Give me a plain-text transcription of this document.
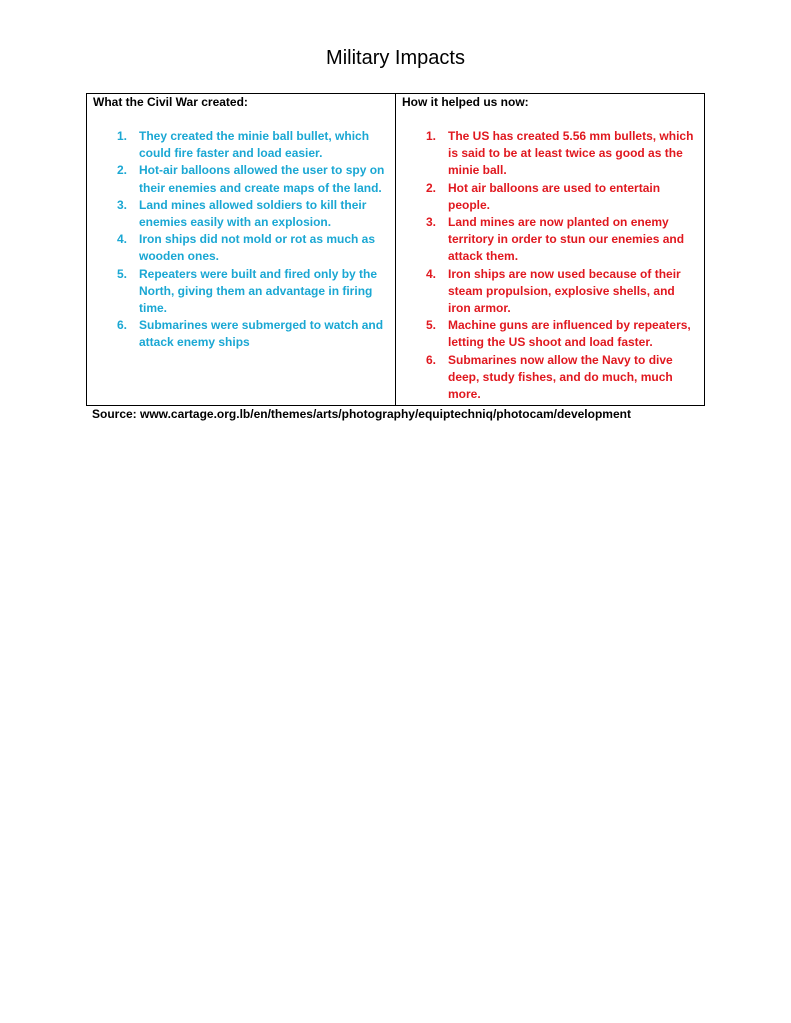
Military Impacts
What the Civil War created:
1. They created the minie ball bullet, which could fire faster and load easier.
2. Hot-air balloons allowed the user to spy on their enemies and create maps of the land.
3. Land mines allowed soldiers to kill their enemies easily with an explosion.
4. Iron ships did not mold or rot as much as wooden ones.
5. Repeaters were built and fired only by the North, giving them an advantage in firing time.
6. Submarines were submerged to watch and attack enemy ships
How it helped us now:
1. The US has created 5.56 mm bullets, which is said to be at least twice as good as the minie ball.
2. Hot air balloons are used to entertain people.
3. Land mines are now planted on enemy territory in order to stun our enemies and attack them.
4. Iron ships are now used because of their steam propulsion, explosive shells, and iron armor.
5. Machine guns are influenced by repeaters, letting the US shoot and load faster.
6. Submarines now allow the Navy to dive deep, study fishes, and do much, much more.
Source: www.cartage.org.lb/en/themes/arts/photography/equiptechniq/photocam/development
